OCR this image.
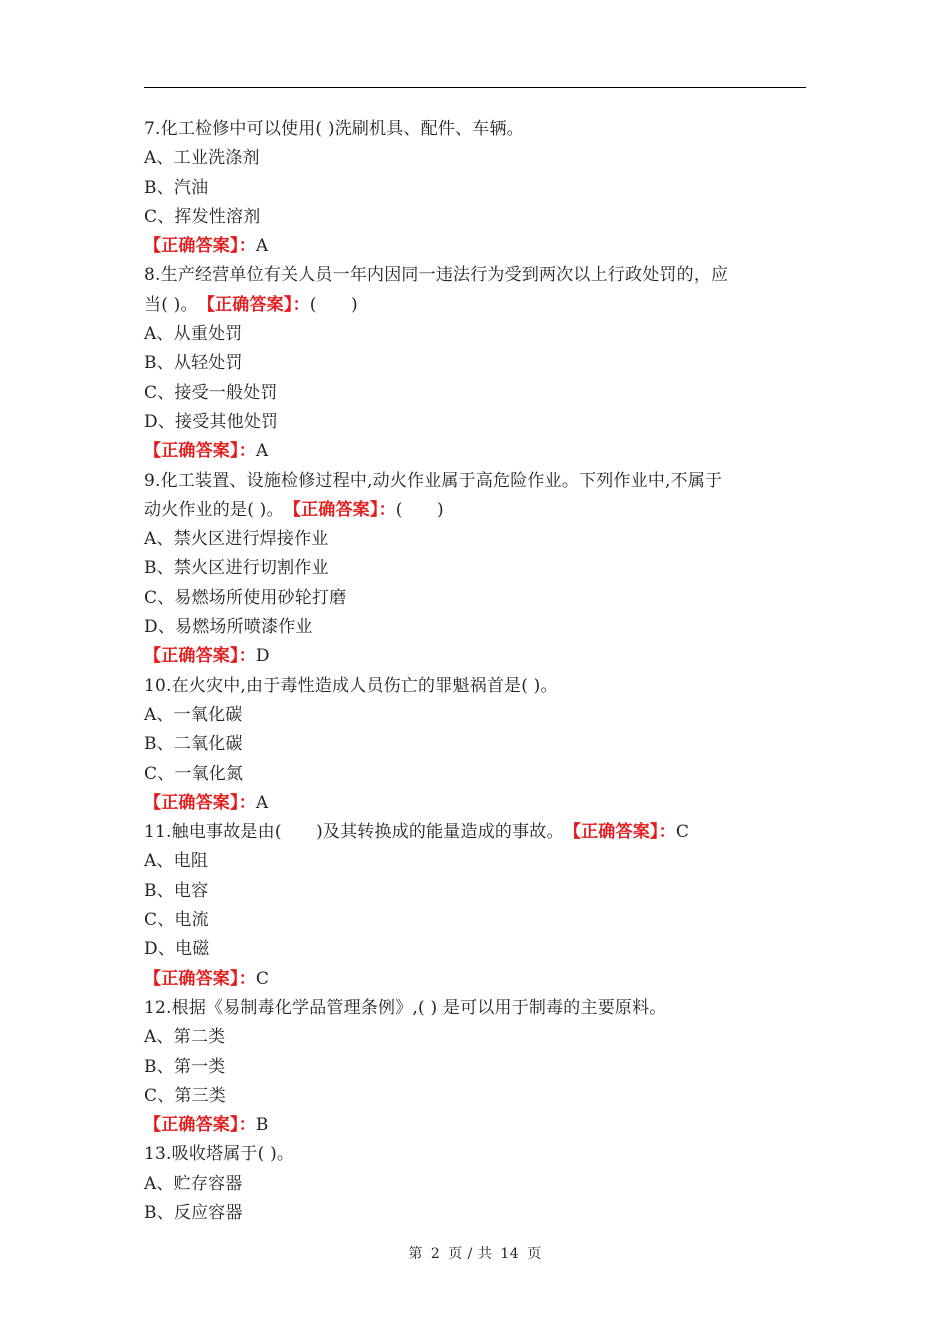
7.化工检修中可以使用( )洗刷机具、配件、车辆。
A、工业洗涤剂
B、汽油
C、挥发性溶剂
【正确答案】：A
8.生产经营单位有关人员一年内因同一违法行为受到两次以上行政处罚的，应
当( )。　【正确答案】：(　　)
A、从重处罚
B、从轻处罚
C、接受一般处罚
D、接受其他处罚
【正确答案】：A
9.化工装置、设施检修过程中,动火作业属于高危险作业。下列作业中,不属于
动火作业的是( )。　【正确答案】：(　　)
A、禁火区进行焊接作业
B、禁火区进行切割作业
C、易燃场所使用砂轮打磨
D、易燃场所喷漆作业
【正确答案】：D
10.在火灾中,由于毒性造成人员伤亡的罪魁祸首是( )。
A、一氧化碳
B、二氧化碳
C、一氧化氮
【正确答案】：A
11.触电事故是由(　　)及其转换成的能量造成的事故。　【正确答案】：C
A、电阻
B、电容
C、电流
D、电磁
【正确答案】：C
12.根据《易制毒化学品管理条例》,( ) 是可以用于制毒的主要原料。
A、第二类
B、第一类
C、第三类
【正确答案】：B
13.吸收塔属于( )。
A、贮存容器
B、反应容器
第 2 页 / 共 14 页
